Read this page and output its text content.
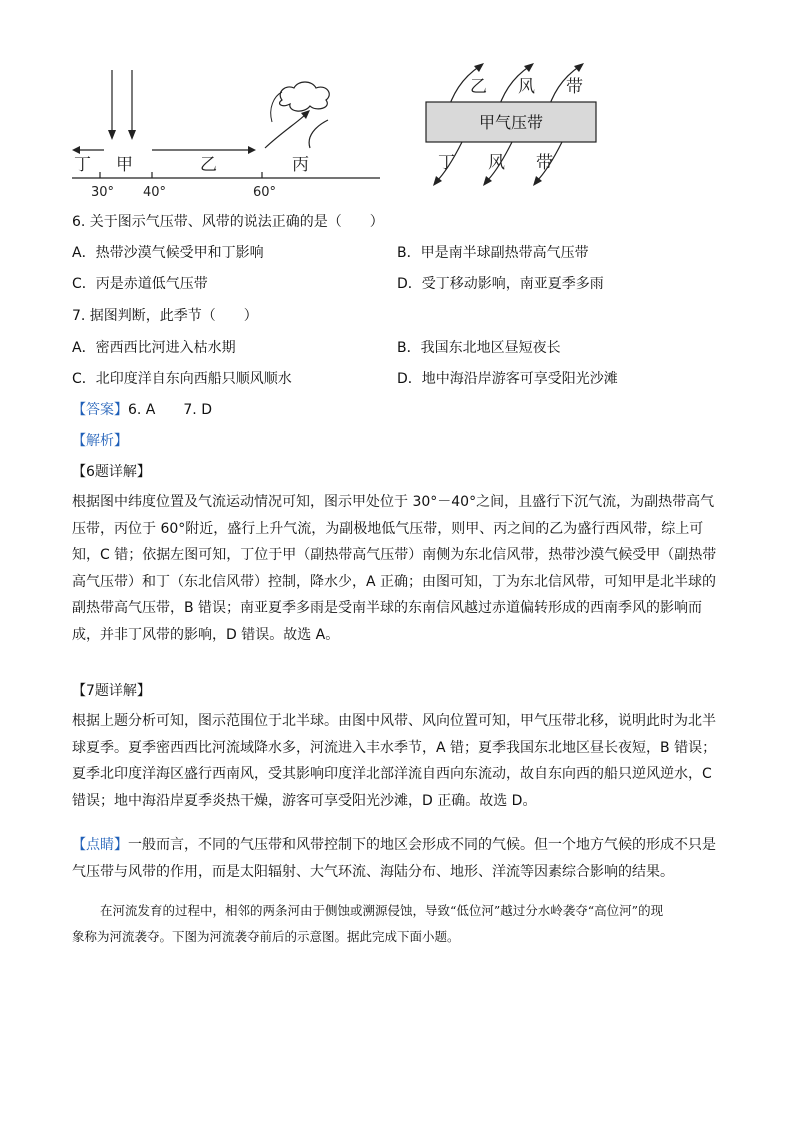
丁 甲	乙	丙
30° 40°	60°
甲气压带
乙 风 带
丁 风 带
6. 关于图示气压带、风带的说法正确的是（　　）
A．热带沙漠气候受甲和丁影响	B．甲是南半球副热带高气压带
C．丙是赤道低气压带	D．受丁移动影响，南亚夏季多雨
7. 据图判断，此季节（　　）
A．密西西比河进入枯水期	B．我国东北地区昼短夜长
C．北印度洋自东向西船只顺风顺水	D．地中海沿岸游客可享受阳光沙滩
【答案】6. A　　7. D
【解析】
【6题详解】
根据图中纬度位置及气流运动情况可知，图示甲处位于 30°－40°之间，且盛行下沉气流，为副热带高气
压带，丙位于 60°附近，盛行上升气流，为副极地低气压带，则甲、丙之间的乙为盛行西风带，综上可
知，C 错；依据左图可知，丁位于甲（副热带高气压带）南侧为东北信风带，热带沙漠气候受甲（副热带
高气压带）和丁（东北信风带）控制，降水少，A 正确；由图可知，丁为东北信风带，可知甲是北半球的
副热带高气压带，B 错误；南亚夏季多雨是受南半球的东南信风越过赤道偏转形成的西南季风的影响而
成，并非丁风带的影响，D 错误。故选 A。
【7题详解】
根据上题分析可知，图示范围位于北半球。由图中风带、风向位置可知，甲气压带北移，说明此时为北半
球夏季。夏季密西西比河流域降水多，河流进入丰水季节，A 错；夏季我国东北地区昼长夜短，B 错误；
夏季北印度洋海区盛行西南风，受其影响印度洋北部洋流自西向东流动，故自东向西的船只逆风逆水，C
错误；地中海沿岸夏季炎热干燥，游客可享受阳光沙滩，D 正确。故选 D。
【点睛】一般而言，不同的气压带和风带控制下的地区会形成不同的气候。但一个地方气候的形成不只是
气压带与风带的作用，而是太阳辐射、大气环流、海陆分布、地形、洋流等因素综合影响的结果。
在河流发育的过程中，相邻的两条河由于侧蚀或溯源侵蚀，导致“低位河”越过分水岭袭夺“高位河”的现
象称为河流袭夺。下图为河流袭夺前后的示意图。据此完成下面小题。
